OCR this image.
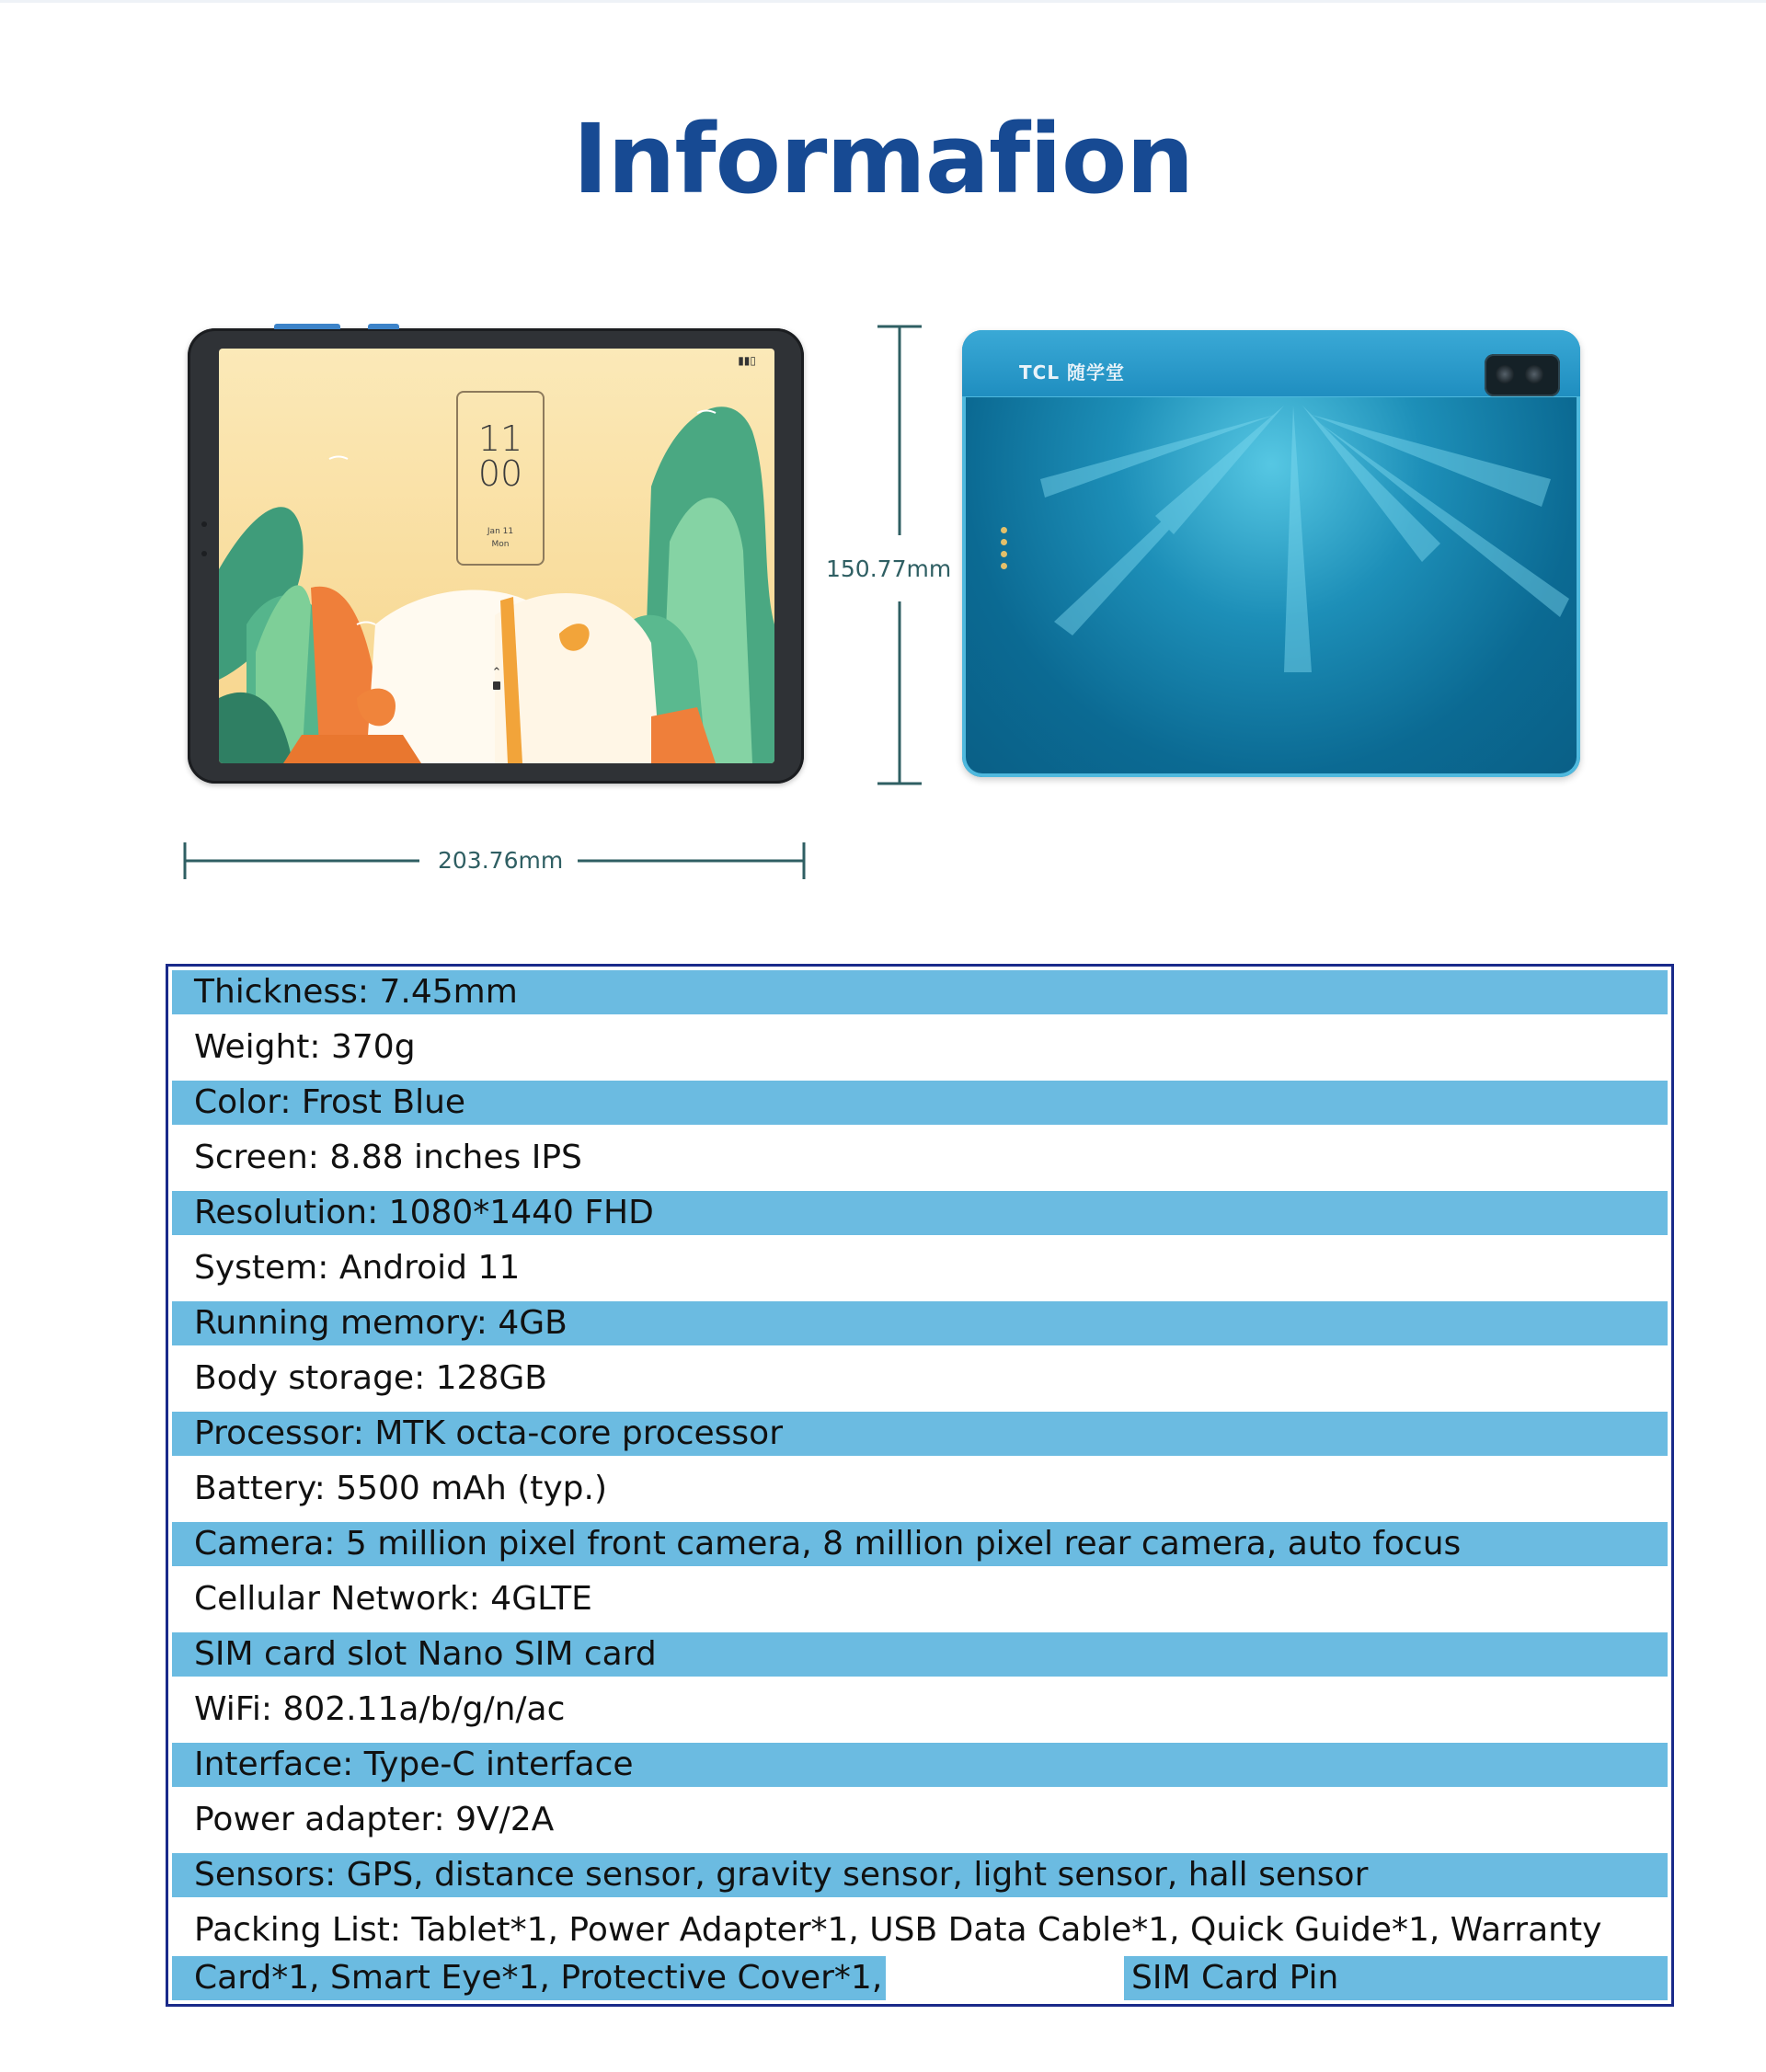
Informafion
⌃
▮▮▯
11
00
Jan 11
Mon
150.77mm
203.76mm
TCL 随学堂
Thickness: 7.45mm
Weight: 370g
Color: Frost Blue
Screen: 8.88 inches IPS
Resolution: 1080*1440 FHD
System: Android 11
Running memory: 4GB
Body storage: 128GB
Processor: MTK octa-core processor
Battery: 5500 mAh (typ.)
Camera: 5 million pixel front camera, 8 million pixel rear camera, auto focus
Cellular Network: 4GLTE
SIM card slot Nano SIM card
WiFi: 802.11a/b/g/n/ac
Interface: Type-C interface
Power adapter: 9V/2A
Sensors: GPS, distance sensor, gravity sensor, light sensor, hall sensor
Packing List: Tablet*1, Power Adapter*1, USB Data Cable*1, Quick Guide*1, Warranty
Card*1, Smart Eye*1, Protective Cover*1,	SIM Card Pin
